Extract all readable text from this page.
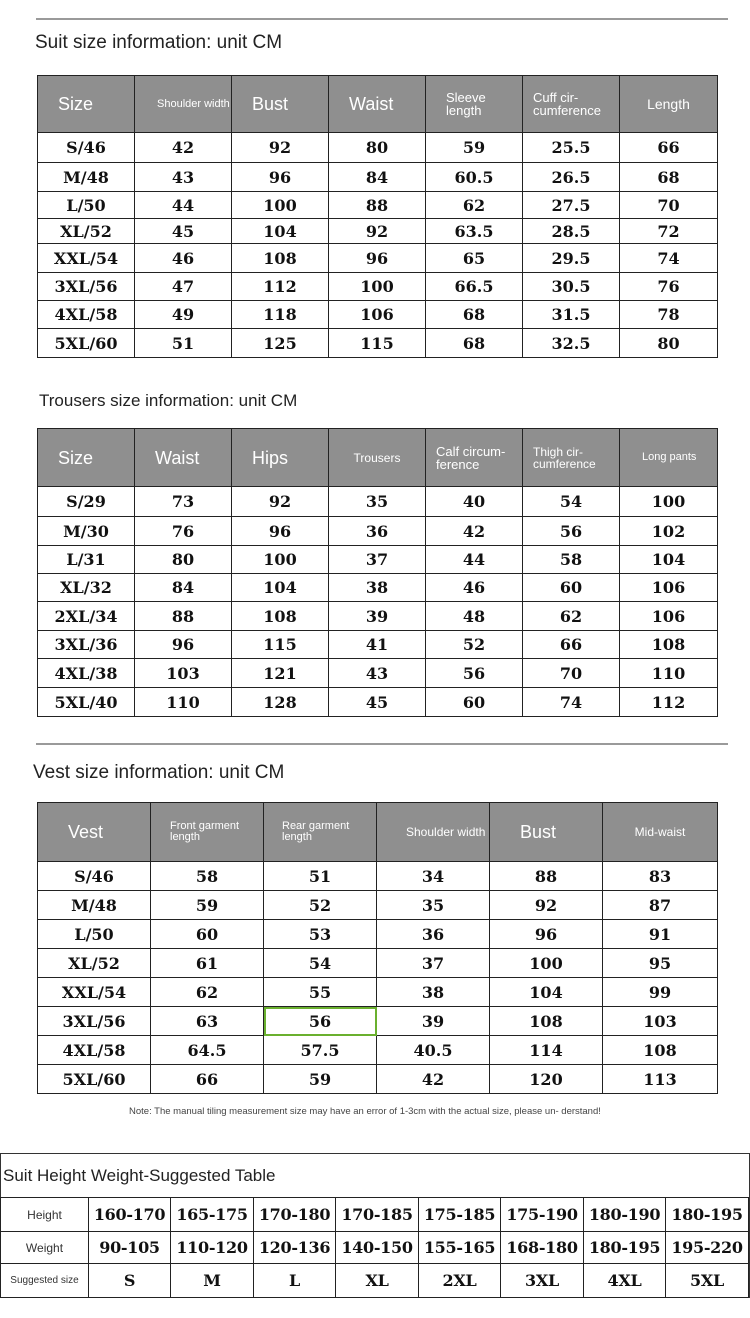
Suit size information: unit CM
Size	Shoulder width	Bust	Waist	Sleeve length	Cuff cir- cumference	Length
S/46	42	92	80	59	25.5	66
M/48	43	96	84	60.5	26.5	68
L/50	44	100	88	62	27.5	70
XL/52	45	104	92	63.5	28.5	72
XXL/54	46	108	96	65	29.5	74
3XL/56	47	112	100	66.5	30.5	76
4XL/58	49	118	106	68	31.5	78
5XL/60	51	125	115	68	32.5	80
Trousers size information: unit CM
Size	Waist	Hips	Trousers	Calf circum- ference	Thigh cir- cumference	Long pants
S/29	73	92	35	40	54	100
M/30	76	96	36	42	56	102
L/31	80	100	37	44	58	104
XL/32	84	104	38	46	60	106
2XL/34	88	108	39	48	62	106
3XL/36	96	115	41	52	66	108
4XL/38	103	121	43	56	70	110
5XL/40	110	128	45	60	74	112
Vest size information: unit CM
Vest	Front garment length	Rear garment length	Shoulder width	Bust	Mid-waist
S/46	58	51	34	88	83
M/48	59	52	35	92	87
L/50	60	53	36	96	91
XL/52	61	54	37	100	95
XXL/54	62	55	38	104	99
3XL/56	63	56	39	108	103
4XL/58	64.5	57.5	40.5	114	108
5XL/60	66	59	42	120	113
Note: The manual tiling measurement size may have an error of 1-3cm with the actual size, please un- derstand!
Suit Height Weight-Suggested Table
Height	160-170	165-175	170-180	170-185	175-185	175-190	180-190	180-195
Weight	90-105	110-120	120-136	140-150	155-165	168-180	180-195	195-220
Suggested size	S	M	L	XL	2XL	3XL	4XL	5XL
